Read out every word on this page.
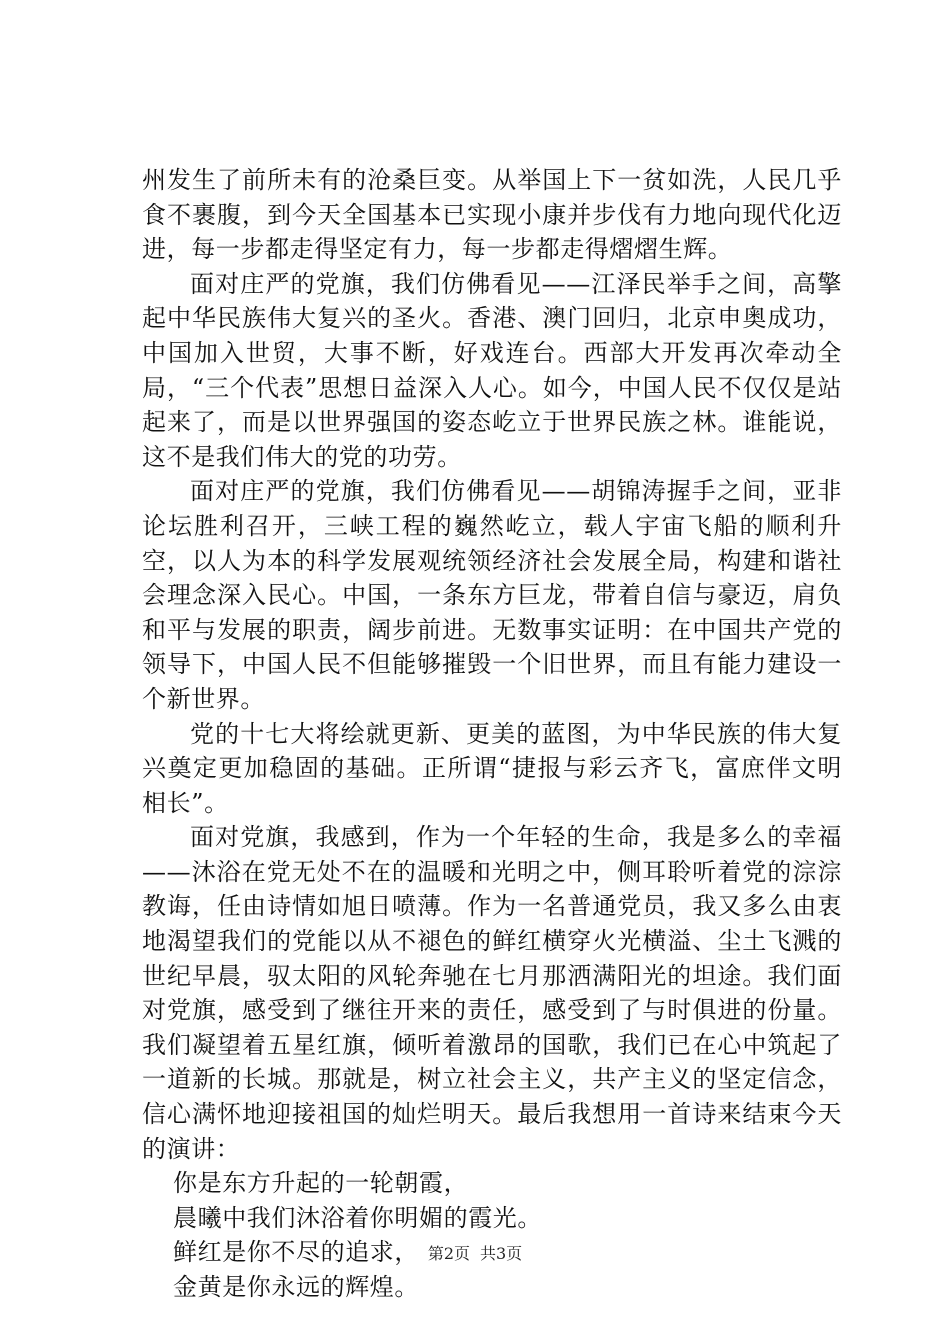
州发生了前所未有的沧桑巨变。从举国上下一贫如洗，人民几乎食不裹腹，到今天全国基本已实现小康并步伐有力地向现代化迈进，每一步都走得坚定有力，每一步都走得熠熠生辉。

面对庄严的党旗，我们仿佛看见——江泽民举手之间，高擎起中华民族伟大复兴的圣火。香港、澳门回归，北京申奥成功，中国加入世贸，大事不断，好戏连台。西部大开发再次牵动全局，“三个代表”思想日益深入人心。如今，中国人民不仅仅是站起来了，而是以世界强国的姿态屹立于世界民族之林。谁能说，这不是我们伟大的党的功劳。

面对庄严的党旗，我们仿佛看见——胡锦涛握手之间，亚非论坛胜利召开，三峡工程的巍然屹立，载人宇宙飞船的顺利升空，以人为本的科学发展观统领经济社会发展全局，构建和谐社会理念深入民心。中国，一条东方巨龙，带着自信与豪迈，肩负和平与发展的职责，阔步前进。无数事实证明：在中国共产党的领导下，中国人民不但能够摧毁一个旧世界，而且有能力建设一个新世界。

党的十七大将绘就更新、更美的蓝图，为中华民族的伟大复兴奠定更加稳固的基础。正所谓“捷报与彩云齐飞，富庶伴文明相长”。

面对党旗，我感到，作为一个年轻的生命，我是多么的幸福——沐浴在党无处不在的温暖和光明之中，侧耳聆听着党的淙淙教诲，任由诗情如旭日喷薄。作为一名普通党员，我又多么由衷地渴望我们的党能以从不褪色的鲜红横穿火光横溢、尘土飞溅的世纪早晨，驭太阳的风轮奔驰在七月那洒满阳光的坦途。我们面对党旗，感受到了继往开来的责任，感受到了与时俱进的份量。我们凝望着五星红旗，倾听着激昂的国歌，我们已在心中筑起了一道新的长城。那就是，树立社会主义，共产主义的坚定信念，信心满怀地迎接祖国的灿烂明天。最后我想用一首诗来结束今天的演讲：

你是东方升起的一轮朝霞，

晨曦中我们沐浴着你明媚的霞光。

鲜红是你不尽的追求，

金黄是你永远的辉煌。

第2页 共3页
